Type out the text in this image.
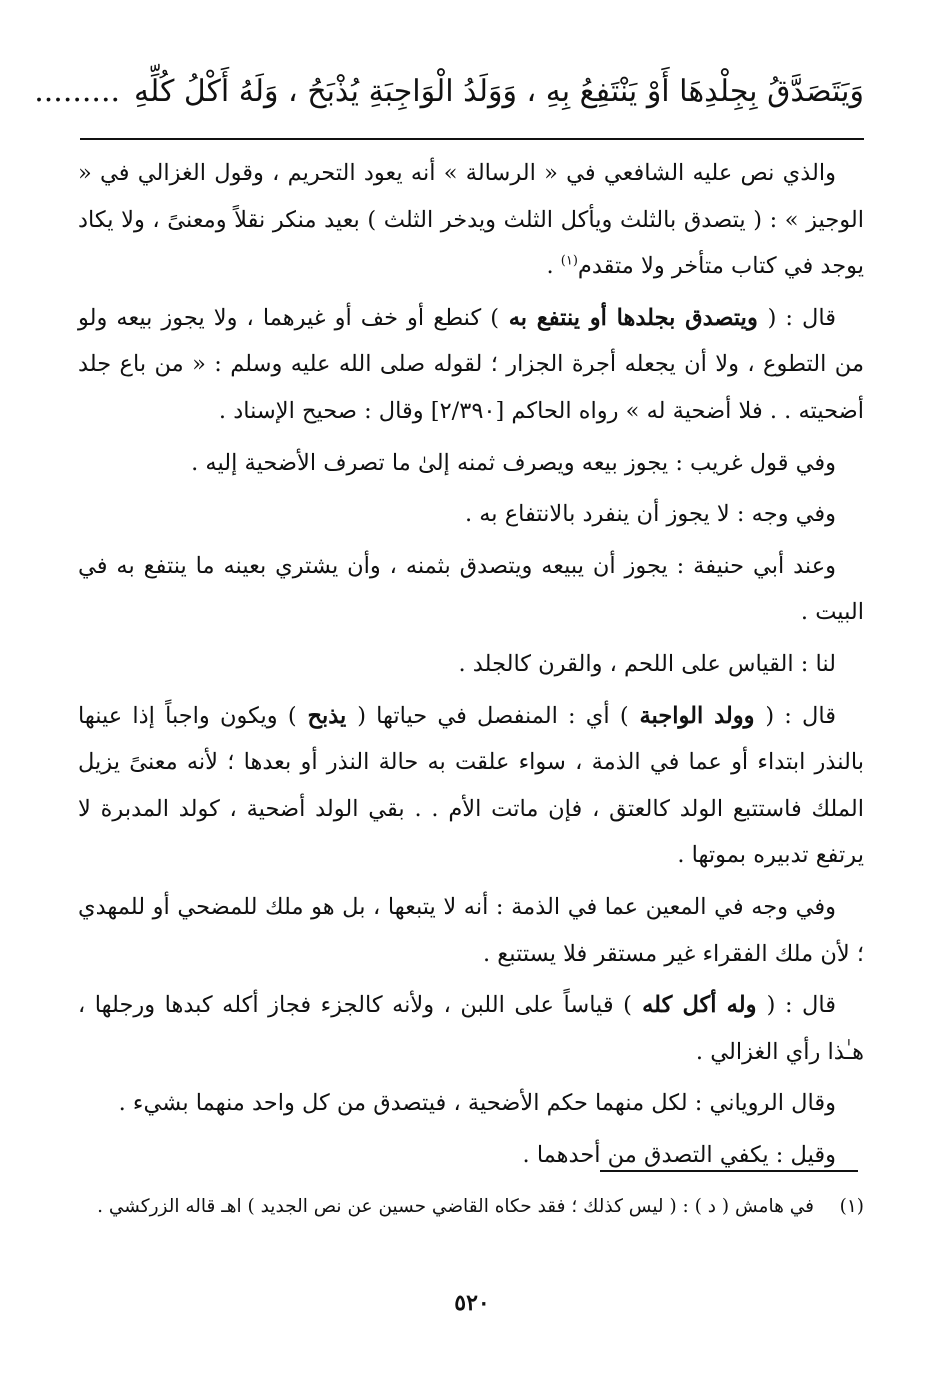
وَيَتَصَدَّقُ بِجِلْدِهَا أَوْ يَنْتَفِعُ بِهِ ، وَوَلَدُ الْوَاجِبَةِ يُذْبَحُ ، وَلَهُ أَكْلُ كُلِّهِ.........

والذي نص عليه الشافعي في « الرسالة » أنه يعود التحريم ، وقول الغزالي في « الوجيز » : ( يتصدق بالثلث ويأكل الثلث ويدخر الثلث ) بعيد منكر نقلاً ومعنىً ، ولا يكاد يوجد في كتاب متأخر ولا متقدم$^{(١)}$ .

قال : ( ويتصدق بجلدها أو ينتفع به ) كنطع أو خف أو غيرهما ، ولا يجوز بيعه ولو من التطوع ، ولا أن يجعله أجرة الجزار ؛ لقوله صلى الله عليه وسلم : « من باع جلد أضحيته . . فلا أضحية له » رواه الحاكم [٢/٣٩٠] وقال : صحيح الإسناد .

وفي قول غريب : يجوز بيعه ويصرف ثمنه إلىٰ ما تصرف الأضحية إليه .

وفي وجه : لا يجوز أن ينفرد بالانتفاع به .

وعند أبي حنيفة : يجوز أن يبيعه ويتصدق بثمنه ، وأن يشتري بعينه ما ينتفع به في البيت .

لنا : القياس على اللحم ، والقرن كالجلد .

قال : ( وولد الواجبة ) أي : المنفصل في حياتها ( يذبح ) ويكون واجباً إذا عينها بالنذر ابتداء أو عما في الذمة ، سواء علقت به حالة النذر أو بعدها ؛ لأنه معنىً يزيل الملك فاستتبع الولد كالعتق ، فإن ماتت الأم . . بقي الولد أضحية ، كولد المدبرة لا يرتفع تدبيره بموتها .

وفي وجه في المعين عما في الذمة : أنه لا يتبعها ، بل هو ملك للمضحي أو للمهدي ؛ لأن ملك الفقراء غير مستقر فلا يستتبع .

قال : ( وله أكل كله ) قياساً على اللبن ، ولأنه كالجزء فجاز أكله كبدها ورجلها ، هـٰذا رأي الغزالي .

وقال الروياني : لكل منهما حكم الأضحية ، فيتصدق من كل واحد منهما بشيء .

وقيل : يكفي التصدق من أحدهما .

(١)في هامش ( د ) : ( ليس كذلك ؛ فقد حكاه القاضي حسين عن نص الجديد ) اهـ قاله الزركشي .
٥٢٠
